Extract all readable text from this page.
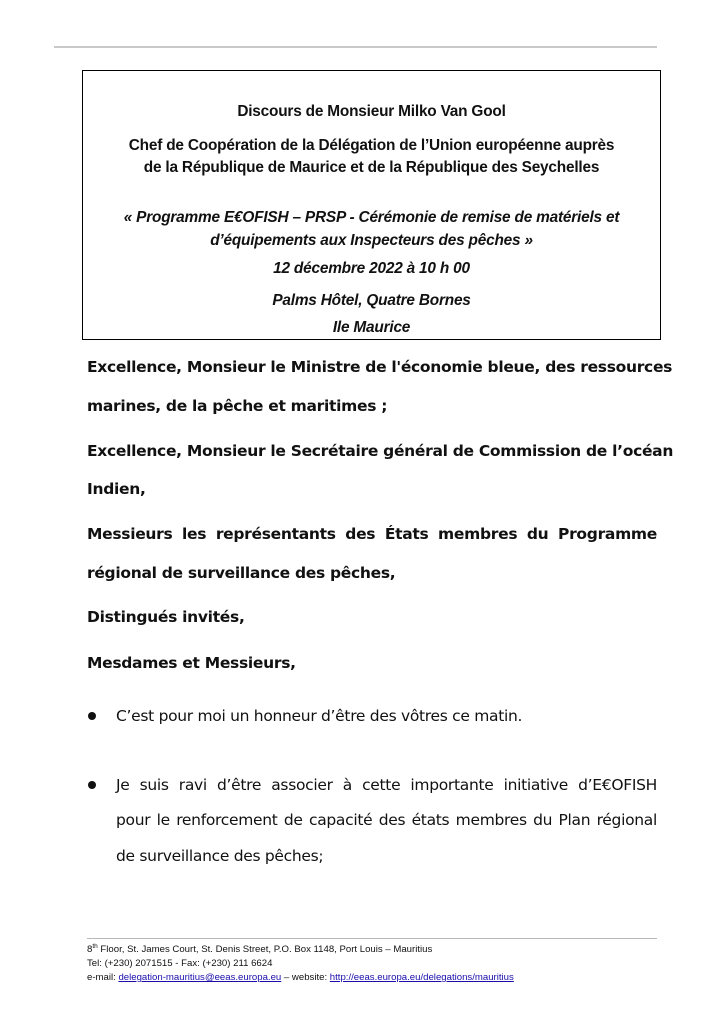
Discours de Monsieur Milko Van Gool
Chef de Coopération de la Délégation de l’Union européenne auprès
de la République de Maurice et de la République des Seychelles
« Programme E€OFISH – PRSP - Cérémonie de remise de matériels et
d’équipements aux Inspecteurs des pêches »
12 décembre 2022 à 10 h 00
Palms Hôtel, Quatre Bornes
Ile Maurice
Excellence, Monsieur le Ministre de l'économie bleue, des ressources
marines, de la pêche et maritimes ;
Excellence, Monsieur le Secrétaire général de Commission de l’océan
Indien,
Messieurs les représentants des États membres du Programme
régional de surveillance des pêches,
Distingués invités,
Mesdames et Messieurs,
C’est pour moi un honneur d’être des vôtres ce matin.
Je suis ravi d’être associer à cette importante initiative d’E€OFISH
pour le renforcement de capacité des états membres du Plan régional
de surveillance des pêches;
8th Floor, St. James Court, St. Denis Street, P.O. Box 1148, Port Louis – Mauritius
Tel: (+230) 2071515 - Fax: (+230) 211 6624
e-mail: delegation-mauritius@eeas.europa.eu – website: http://eeas.europa.eu/delegations/mauritius
